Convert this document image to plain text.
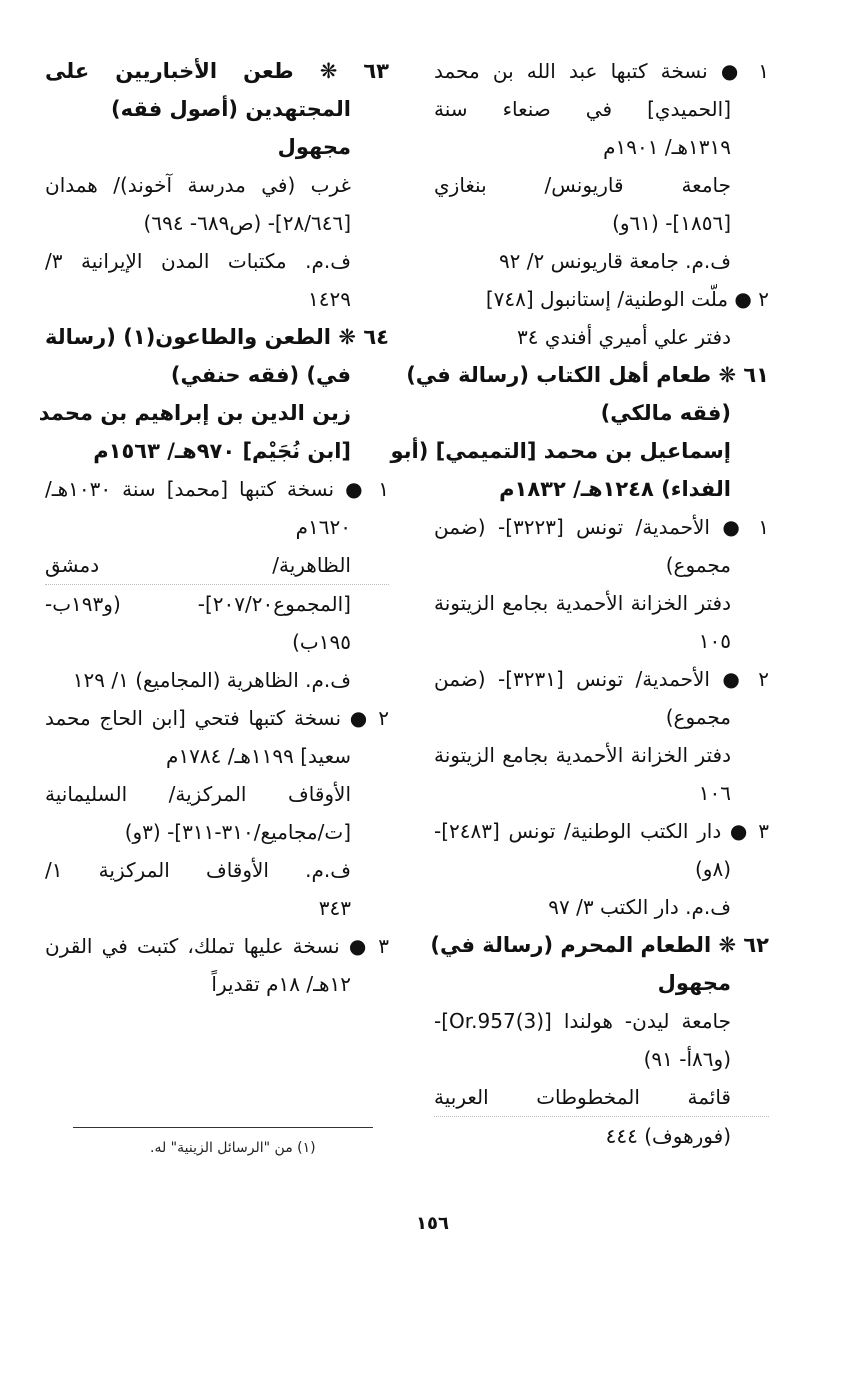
١ ● نسخة كتبها عبد الله بن محمد

[الحميدي] في صنعاء سنة

١٣١٩هـ/ ١٩٠١م

جامعة قاريونس/ بنغازي

[١٨٥٦]- (٦١و)

ف.م. جامعة قاريونس ٢/ ٩٢

٢ ● ملّت الوطنية/ إستانبول [٧٤٨]

دفتر علي أميري أفندي ٣٤

٦١ ❋ طعام أهل الكتاب (رسالة في)

(فقه مالكي)

إسماعيل بن محمد [التميمي] (أبو

الفداء) ١٢٤٨هـ/ ١٨٣٢م

١ ● الأحمدية/ تونس [٣٢٢٣]- (ضمن

مجموع)

دفتر الخزانة الأحمدية بجامع الزيتونة

١٠٥

٢ ● الأحمدية/ تونس [٣٢٣١]- (ضمن

مجموع)

دفتر الخزانة الأحمدية بجامع الزيتونة

١٠٦

٣ ● دار الكتب الوطنية/ تونس [٢٤٨٣]-

(٨و)

ف.م. دار الكتب ٣/ ٩٧

٦٢ ❋ الطعام المحرم (رسالة في)

مجهول

جامعة ليدن- هولندا [Or.957(3)]-

(و٨٦أ- ٩١)

قائمة المخطوطات العربية

(فورهوف) ٤٤٤

٦٣ ❋ طعن الأخباريين على

المجتهدين (أصول فقه)

مجهول

غرب (في مدرسة آخوند)/ همدان

[٢٨/٦٤٦]- (ص٦٨٩- ٦٩٤)

ف.م. مكتبات المدن الإيرانية ٣/

١٤٢٩

٦٤ ❋ الطعن والطاعون(١) (رسالة

في) (فقه حنفي)

زين الدين بن إبراهيم بن محمد

[ابن نُجَيْم] ٩٧٠هـ/ ١٥٦٣م

١ ● نسخة كتبها [محمد] سنة ١٠٣٠هـ/

١٦٢٠م

الظاهرية/ دمشق

[المجموع٢٠٧/٢٠]- (و١٩٣ب-

١٩٥ب)

ف.م. الظاهرية (المجاميع) ١/ ١٢٩

٢ ● نسخة كتبها فتحي [ابن الحاج محمد

سعيد] ١١٩٩هـ/ ١٧٨٤م

الأوقاف المركزية/ السليمانية

[ت/مجاميع/٣١٠-٣١١]- (٣و)

ف.م. الأوقاف المركزية ١/

٣٤٣

٣ ● نسخة عليها تملك، كتبت في القرن

١٢هـ/ ١٨م تقديراً

(١) من "الرسائل الزينية" له.
١٥٦
